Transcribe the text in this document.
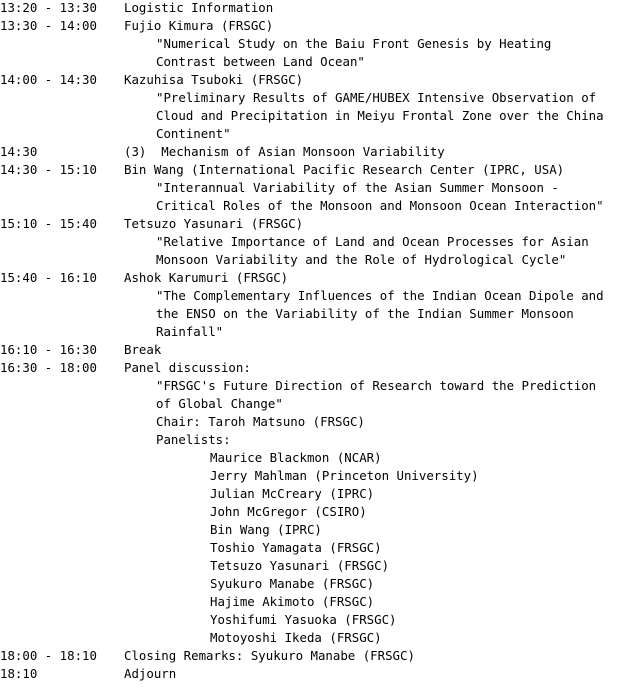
13:20 - 13:30 Logistic Information
13:30 - 14:00 Fujio Kimura (FRSGC)
"Numerical Study on the Baiu Front Genesis by Heating
Contrast between Land Ocean"
14:00 - 14:30 Kazuhisa Tsuboki (FRSGC)
"Preliminary Results of GAME/HUBEX Intensive Observation of
Cloud and Precipitation in Meiyu Frontal Zone over the China
Continent"
14:30	(3)  Mechanism of Asian Monsoon Variability
14:30 - 15:10 Bin Wang (International Pacific Research Center (IPRC, USA)
"Interannual Variability of the Asian Summer Monsoon -
Critical Roles of the Monsoon and Monsoon Ocean Interaction"
15:10 - 15:40 Tetsuzo Yasunari (FRSGC)
"Relative Importance of Land and Ocean Processes for Asian
Monsoon Variability and the Role of Hydrological Cycle"
15:40 - 16:10 Ashok Karumuri (FRSGC)
"The Complementary Influences of the Indian Ocean Dipole and
the ENSO on the Variability of the Indian Summer Monsoon
Rainfall"
16:10 - 16:30 Break
16:30 - 18:00 Panel discussion:
"FRSGC's Future Direction of Research toward the Prediction
of Global Change"
Chair: Taroh Matsuno (FRSGC)
Panelists:
Maurice Blackmon (NCAR)
Jerry Mahlman (Princeton University)
Julian McCreary (IPRC)
John McGregor (CSIRO)
Bin Wang (IPRC)
Toshio Yamagata (FRSGC)
Tetsuzo Yasunari (FRSGC)
Syukuro Manabe (FRSGC)
Hajime Akimoto (FRSGC)
Yoshifumi Yasuoka (FRSGC)
Motoyoshi Ikeda (FRSGC)
18:00 - 18:10 Closing Remarks: Syukuro Manabe (FRSGC)
18:10	Adjourn
